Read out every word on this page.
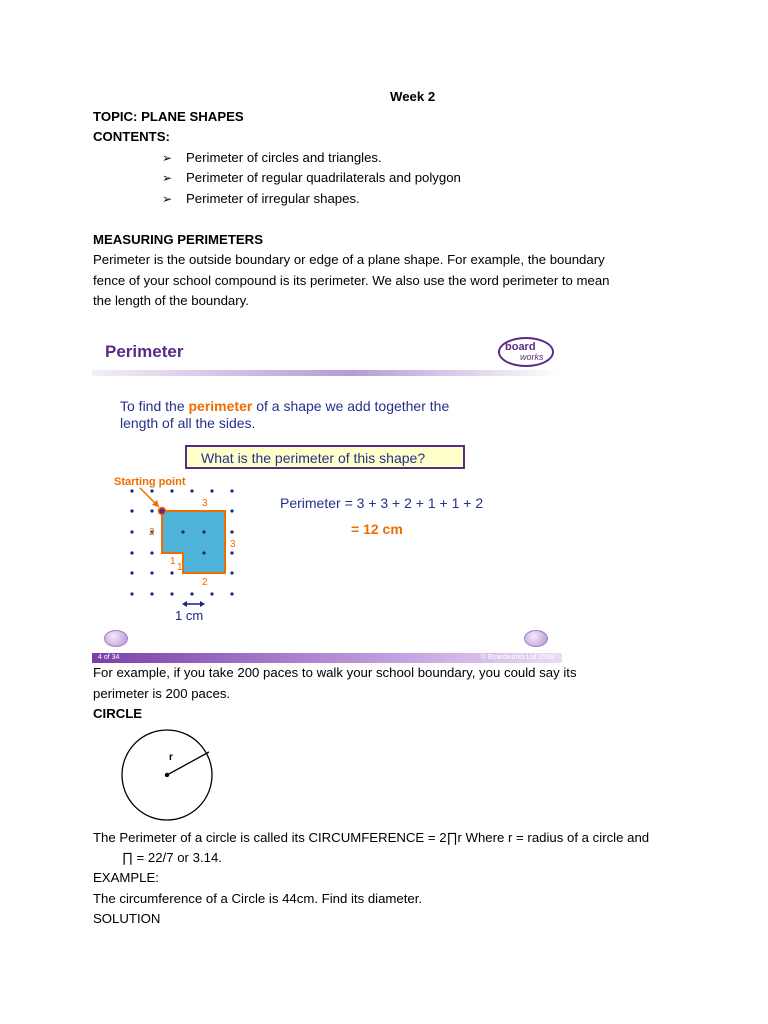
Week 2
TOPIC: PLANE SHAPES
CONTENTS:
➢ Perimeter of circles and triangles.
➢ Perimeter of regular quadrilaterals and polygon
➢ Perimeter of irregular shapes.
MEASURING PERIMETERS
Perimeter is the outside boundary or edge of a plane shape. For example, the boundary
fence of your school compound is its perimeter. We also use the word perimeter to mean
the length of the boundary.
Perimeter	board
works
To find the perimeter of a shape we add together the
length of all the sides.
What is the perimeter of this shape?
Starting point
3
2
3
1
1
2
1 cm
Perimeter = 3 + 3 + 2 + 1 + 1 + 2
= 12 cm
4 of 34	© Boardworks Ltd 2008
For example, if you take 200 paces to walk your school boundary, you could say its
perimeter is 200 paces.
CIRCLE
r
The Perimeter of a circle is called its CIRCUMFERENCE = 2∏r Where r = radius of a circle and
∏ = 22/7 or 3.14.
EXAMPLE:
The circumference of a Circle is 44cm. Find its diameter.
SOLUTION
